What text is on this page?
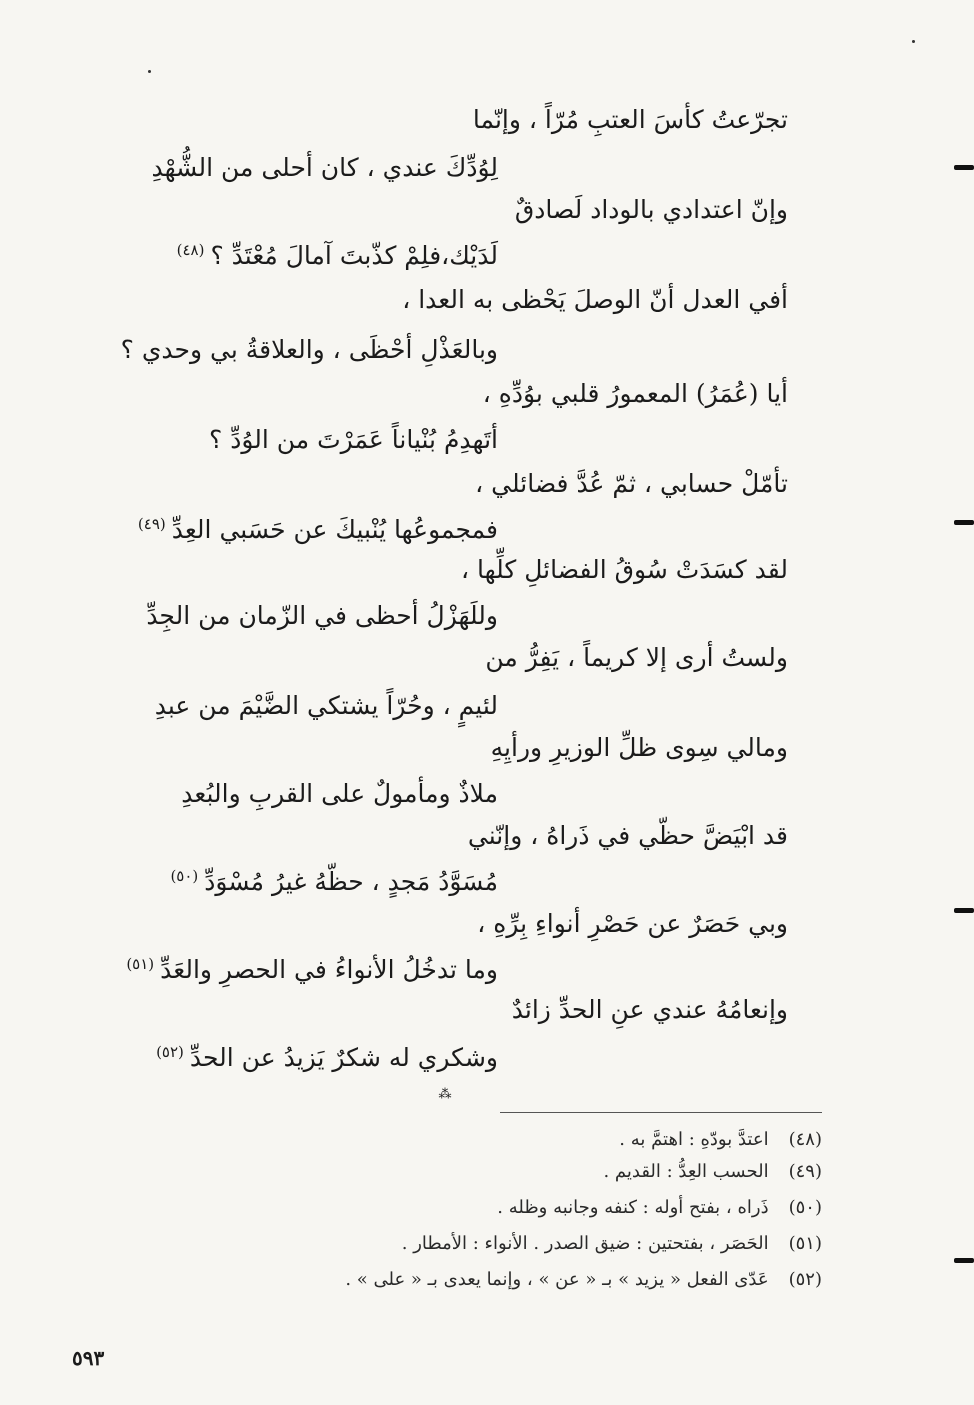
تجرّعتُ كأسَ العتبِ مُرّاً ، وإنّما
لِوُدِّكَ عندي ، كان أحلى من الشُّهْدِ
وإنّ اعتدادي بالوداد لَصادقٌ
لَدَيْك،فلِمْ كذّبتَ آمالَ مُعْتَدِّ ؟$^{(٤٨)}$
أفي العدل أنّ الوصلَ يَحْظى به العدا ،
وبالعَذْلِ أحْظَى ، والعلاقةُ بي وحدي ؟
أيا (عُمَرُ) المعمورُ قلبي بوُدِّهِ ،
أتَهدِمُ بُنْياناً عَمَرْتَ من الوُدِّ ؟
تأمّلْ حسابي ، ثمّ عُدَّ فضائلي ،
فمجموعُها يُنْبيكَ عن حَسَبي العِدِّ$^{(٤٩)}$
لقد كسَدَتْ سُوقُ الفضائلِ كلِّها ،
وللَهَزْلُ أحظى في الزّمان من الجِدِّ
ولستُ أرى إلا كريماً ، يَفِرُّ من
لئيمٍ ، وحُرّاً يشتكي الضَّيْمَ من عبدِ
ومالي سِوى ظلِّ الوزيرِ ورأيِهِ
ملاذٌ ومأمولٌ على القربِ والبُعدِ
قد ابْيَضَّ حظّي في ذَراهُ ، وإنّني
مُسَوَّدُ مَجدٍ ، حظّهُ غيرُ مُسْوَدِّ$^{(٥٠)}$
وبي حَصَرٌ عن حَصْرِ أنواءِ بِرِّهِ ،
وما تدخُلُ الأنواءُ في الحصرِ والعَدِّ$^{(٥١)}$
وإنعامُهُ عندي عنِ الحدِّ زائدٌ
وشكري له شكرٌ يَزيدُ عن الحدِّ$^{(٥٢)}$
⁂
(٤٨)اعتدَّ بودّهِ : اهتمَّ به .
(٤٩)الحسب العِدُّ : القديم .
(٥٠)ذَراه ، بفتح أوله : كنفه وجانبه وظله .
(٥١)الحَصَر ، بفتحتين : ضيق الصدر . الأنواء : الأمطار .
(٥٢)عَدّى الفعل « يزيد » بـ « عن » ، وإنما يعدى بـ « على » .
٥٩٣
